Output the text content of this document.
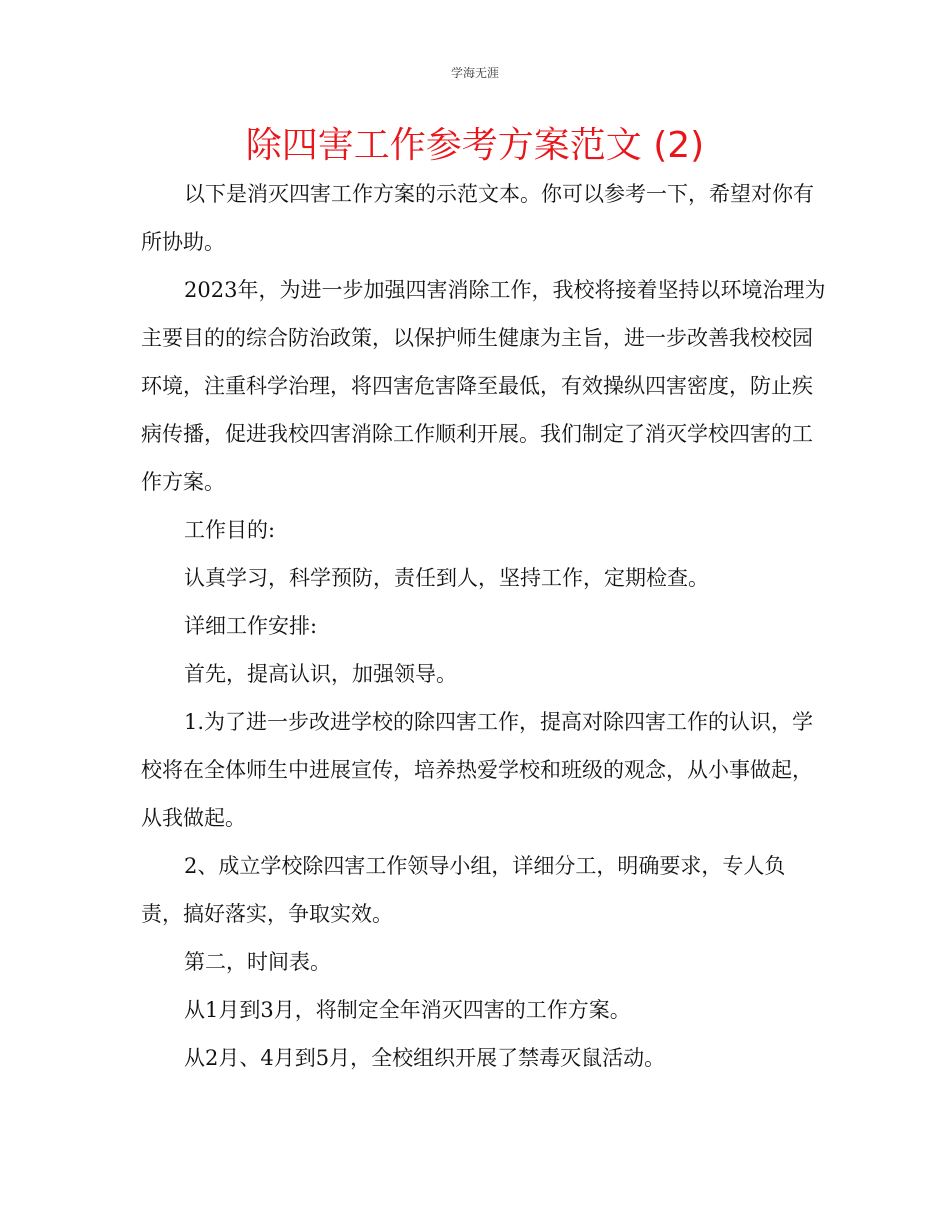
学海无涯
除四害工作参考方案范文 (2)

以下是消灭四害工作方案的示范文本。你可以参考一下，希望对你有所协助。

2023年，为进一步加强四害消除工作，我校将接着坚持以环境治理为主要目的的综合防治政策，以保护师生健康为主旨，进一步改善我校校园环境，注重科学治理，将四害危害降至最低，有效操纵四害密度，防止疾病传播，促进我校四害消除工作顺利开展。我们制定了消灭学校四害的工作方案。

工作目的:

认真学习，科学预防，责任到人，坚持工作，定期检查。

详细工作安排:

首先，提高认识，加强领导。

1.为了进一步改进学校的除四害工作，提高对除四害工作的认识，学校将在全体师生中进展宣传，培养热爱学校和班级的观念，从小事做起，从我做起。

2、成立学校除四害工作领导小组，详细分工，明确要求，专人负责，搞好落实，争取实效。

第二，时间表。

从1月到3月，将制定全年消灭四害的工作方案。

从2月、4月到5月，全校组织开展了禁毒灭鼠活动。
